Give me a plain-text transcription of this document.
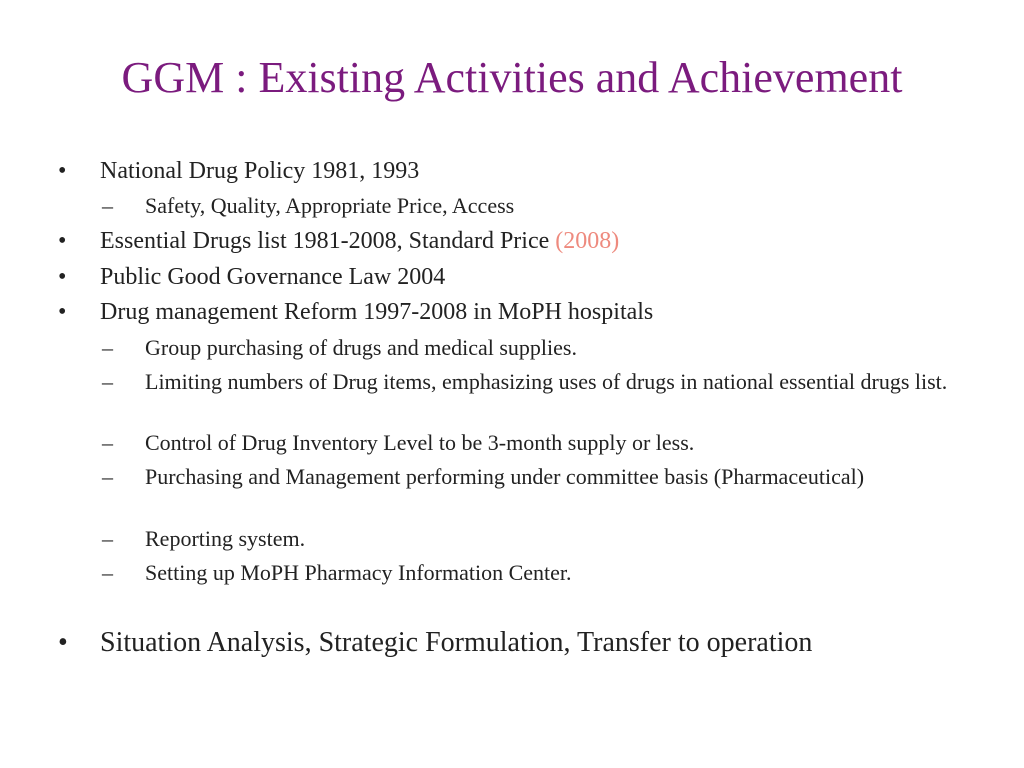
GGM : Existing Activities and Achievement
• National Drug Policy 1981, 1993
– Safety, Quality, Appropriate Price, Access
• Essential Drugs list 1981-2008, Standard Price (2008)
• Public Good Governance Law 2004
• Drug management Reform 1997-2008 in MoPH hospitals
– Group purchasing of drugs and medical supplies.
– Limiting numbers of Drug items, emphasizing uses of drugs in national essential drugs list.
– Control of Drug Inventory Level to be 3-month supply or less.
– Purchasing and Management performing under committee basis (Pharmaceutical)
– Reporting system.
– Setting up MoPH Pharmacy Information Center.
• Situation Analysis, Strategic Formulation, Transfer to operation
